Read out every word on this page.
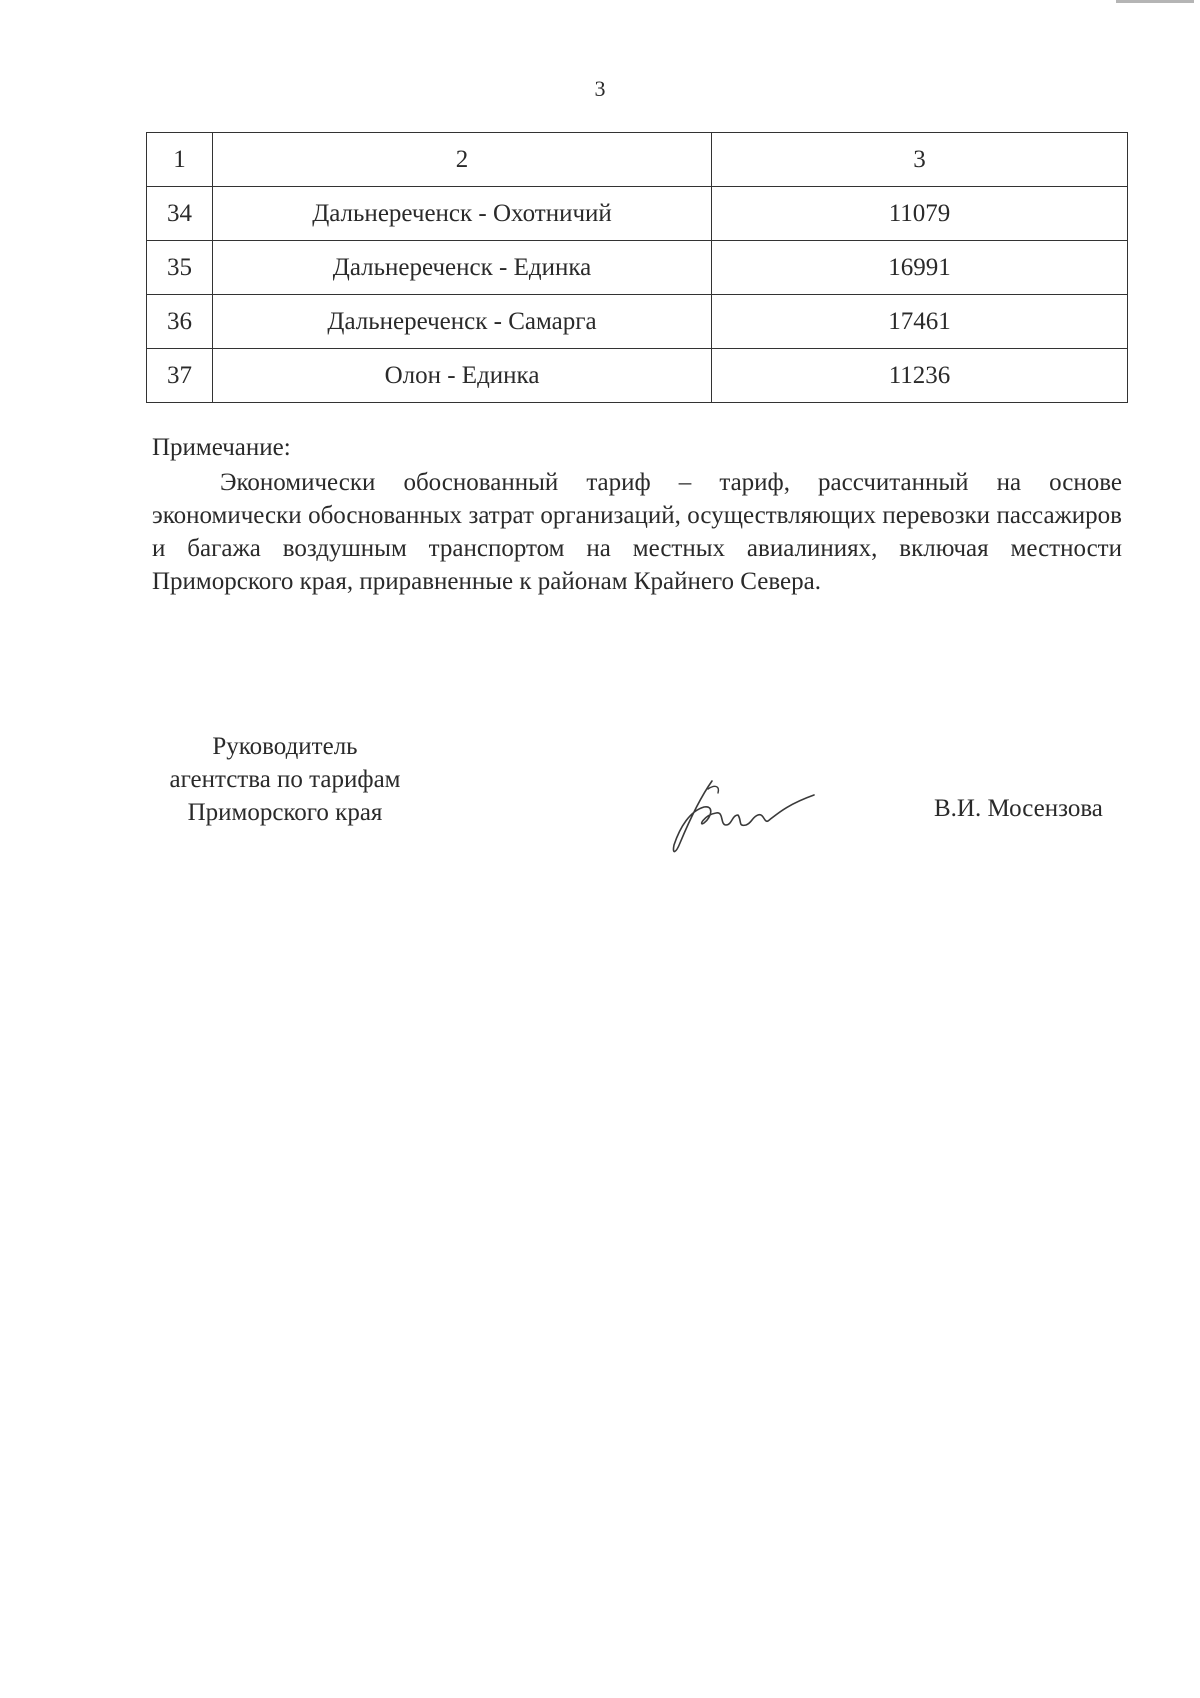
3
1	2	3
34	Дальнереченск - Охотничий	11079
35	Дальнереченск - Единка	16991
36	Дальнереченск - Самарга	17461
37	Олон - Единка	11236
Примечание:
Экономически обоснованный тариф – тариф, рассчитанный на основе экономически обоснованных затрат организаций, осуществляющих перевозки пассажиров и багажа воздушным транспортом на местных авиалиниях, включая местности Приморского края, приравненные к районам Крайнего Севера.
Руководитель
агентства по тарифам
Приморского края	В.И. Мосензова
